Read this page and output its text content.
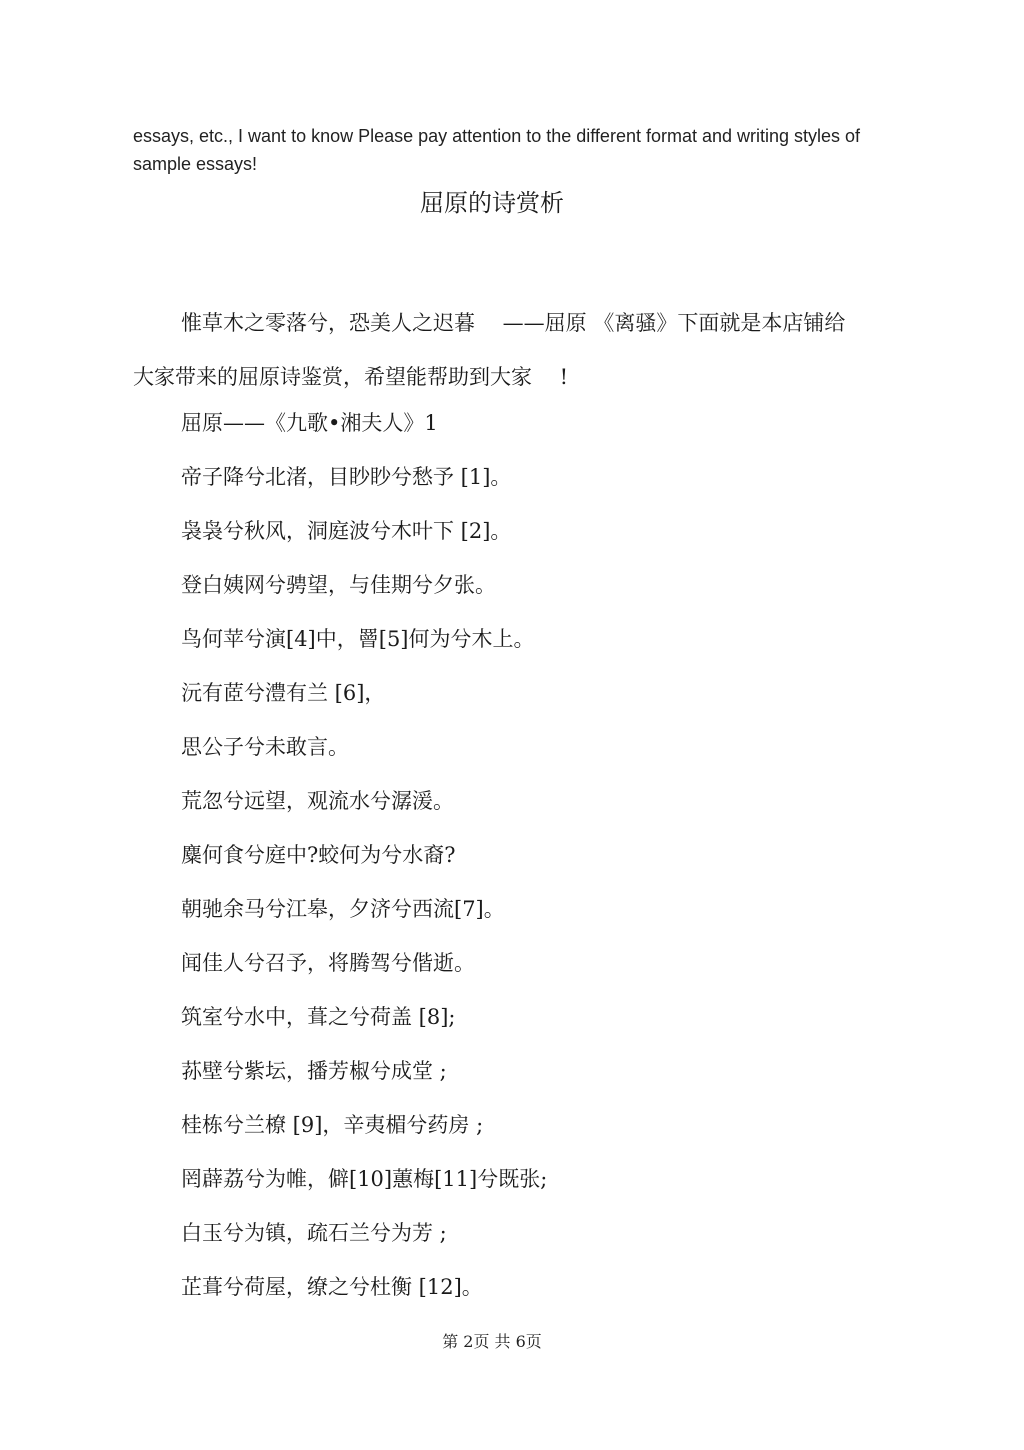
essays, etc., I want to know Please pay attention to the different format and writing styles of sample essays!
屈原的诗赏析
惟草木之零落兮，恐美人之迟暮　 ——屈原 《离骚》下面就是本店铺给大家带来的屈原诗鉴赏，希望能帮助到大家　 !
屈原——《九歌•湘夫人》1
帝子降兮北渚，目眇眇兮愁予 [1]。
袅袅兮秋风，洞庭波兮木叶下 [2]。
登白姨网兮骋望，与佳期兮夕张。
鸟何苹兮演[4]中，罾[5]何为兮木上。
沅有茝兮澧有兰 [6]，
思公子兮未敢言。
荒忽兮远望，观流水兮潺湲。
麋何食兮庭中?蛟何为兮水裔?
朝驰余马兮江皋，夕济兮西流[7]。
闻佳人兮召予，将腾驾兮偕逝。
筑室兮水中，葺之兮荷盖 [8];
荪壁兮紫坛，播芳椒兮成堂 ;
桂栋兮兰橑 [9]，辛夷楣兮药房 ;
罔薜荔兮为帷，僻[10]蕙梅[11]兮既张;
白玉兮为镇，疏石兰兮为芳 ;
芷葺兮荷屋，缭之兮杜衡 [12]。
第 2页 共 6页
